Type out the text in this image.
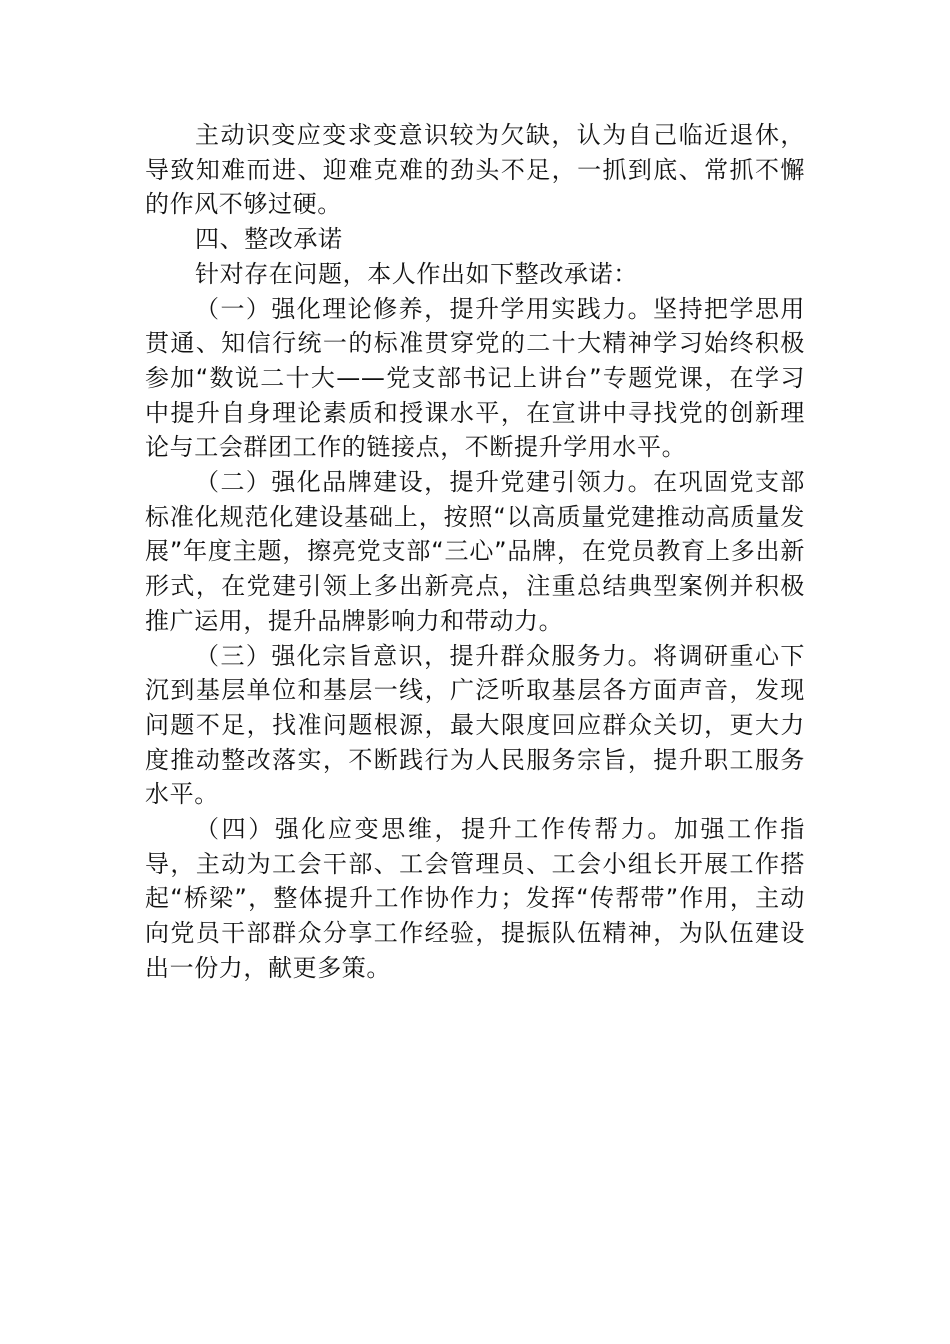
主动识变应变求变意识较为欠缺，认为自己临近退休，导致知难而进、迎难克难的劲头不足，一抓到底、常抓不懈的作风不够过硬。

四、整改承诺

针对存在问题，本人作出如下整改承诺：

（一）强化理论修养，提升学用实践力。坚持把学思用贯通、知信行统一的标准贯穿党的二十大精神学习始终积极参加“数说二十大——党支部书记上讲台”专题党课，在学习中提升自身理论素质和授课水平，在宣讲中寻找党的创新理论与工会群团工作的链接点，不断提升学用水平。

（二）强化品牌建设，提升党建引领力。在巩固党支部标准化规范化建设基础上，按照“以高质量党建推动高质量发展”年度主题，擦亮党支部“三心”品牌，在党员教育上多出新形式，在党建引领上多出新亮点，注重总结典型案例并积极推广运用，提升品牌影响力和带动力。

（三）强化宗旨意识，提升群众服务力。将调研重心下沉到基层单位和基层一线，广泛听取基层各方面声音，发现问题不足，找准问题根源，最大限度回应群众关切，更大力度推动整改落实，不断践行为人民服务宗旨，提升职工服务水平。

（四）强化应变思维，提升工作传帮力。加强工作指导，主动为工会干部、工会管理员、工会小组长开展工作搭起“桥梁”，整体提升工作协作力；发挥“传帮带”作用，主动向党员干部群众分享工作经验，提振队伍精神，为队伍建设出一份力，献更多策。
